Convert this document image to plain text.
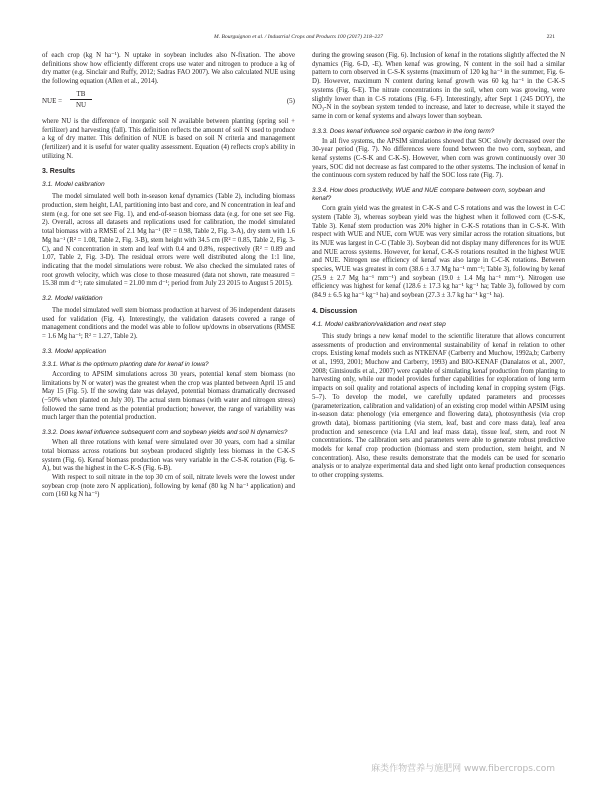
M. Bourguignon et al. / Industrial Crops and Products 100 (2017) 218–227	221

of each crop (kg N ha⁻¹). N uptake in soybean includes also N-fixation. The above definitions show how efficiently different crops use water and nitrogen to produce a kg of dry matter (e.g. Sinclair and Ruffy, 2012; Sadras FAO 2007). We also calculated NUE using the following equation (Allen et al., 2014).

NUE = $\frac{TB}{NU}$	(5)

where NU is the difference of inorganic soil N available between planting (spring soil + fertilizer) and harvesting (fall). This definition reflects the amount of soil N used to produce a kg of dry matter. This definition of NUE is based on soil N criteria and management (fertilizer) and it is useful for water quality assessment. Equation (4) reflects crop's ability in utilizing N.

3. Results
3.1. Model calibration

The model simulated well both in-season kenaf dynamics (Table 2), including biomass production, stem height, LAI, partitioning into bast and core, and N concentration in leaf and stem (e.g. for one set see Fig. 1), and end-of-season biomass data (e.g. for one set see Fig. 2). Overall, across all datasets and replications used for calibration, the model simulated total biomass with a RMSE of 2.1 Mg ha⁻¹ (R² = 0.98, Table 2, Fig. 3-A), dry stem with 1.6 Mg ha⁻¹ (R² = 1.08, Table 2, Fig. 3-B), stem height with 34.5 cm (R² = 0.85, Table 2, Fig. 3-C), and N concentration in stem and leaf with 0.4 and 0.8%, respectively (R² = 0.89 and 1.07, Table 2, Fig. 3-D). The residual errors were well distributed along the 1:1 line, indicating that the model simulations were robust. We also checked the simulated rates of root growth velocity, which was close to those measured (data not shown, rate measured = 15.38 mm d⁻¹; rate simulated = 21.00 mm d⁻¹; period from July 23 2015 to August 5 2015).

3.2. Model validation

The model simulated well stem biomass production at harvest of 36 independent datasets used for validation (Fig. 4). Interestingly, the validation datasets covered a range of management conditions and the model was able to follow up/downs in observations (RMSE = 1.6 Mg ha⁻¹; R² = 1.27, Table 2).

3.3. Model application
3.3.1. What is the optimum planting date for kenaf in Iowa?

According to APSIM simulations across 30 years, potential kenaf stem biomass (no limitations by N or water) was the greatest when the crop was planted between April 15 and May 15 (Fig. 5). If the sowing date was delayed, potential biomass dramatically decreased (−50% when planted on July 30). The actual stem biomass (with water and nitrogen stress) followed the same trend as the potential production; however, the range of variability was much larger than the potential production.

3.3.2. Does kenaf influence subsequent corn and soybean yields and soil N dynamics?

When all three rotations with kenaf were simulated over 30 years, corn had a similar total biomass across rotations but soybean produced slightly less biomass in the C-K-S system (Fig. 6). Kenaf biomass production was very variable in the C-S-K rotation (Fig. 6-A), but was the highest in the C-K-S (Fig. 6-B).

With respect to soil nitrate in the top 30 cm of soil, nitrate levels were the lowest under soybean crop (note zero N application), following by kenaf (80 kg N ha⁻¹ application) and corn (160 kg N ha⁻¹)

during the growing season (Fig. 6). Inclusion of kenaf in the rotations slightly affected the N dynamics (Fig. 6-D, -E). When kenaf was growing, N content in the soil had a similar pattern to corn observed in C-S-K systems (maximum of 120 kg ha⁻¹ in the summer, Fig. 6-D). However, maximum N content during kenaf growth was 60 kg ha⁻¹ in the C-K-S systems (Fig. 6-E). The nitrate concentrations in the soil, when corn was growing, were slightly lower than in C-S rotations (Fig. 6-F). Interestingly, after Sept 1 (245 DOY), the NO₃-N in the soybean system tended to increase, and later to decrease, while it stayed the same in corn or kenaf systems and always lower than soybean.

3.3.3. Does kenaf influence soil organic carbon in the long term?

In all five systems, the APSIM simulations showed that SOC slowly decreased over the 30-year period (Fig. 7). No differences were found between the two corn, soybean, and kenaf systems (C-S-K and C-K-S). However, when corn was grown continuously over 30 years, SOC did not decrease as fast compared to the other systems. The inclusion of kenaf in the continuous corn system reduced by half the SOC loss rate (Fig. 7).

3.3.4. How does productivity, WUE and NUE compare between corn, soybean and kenaf?

Corn grain yield was the greatest in C-K-S and C-S rotations and was the lowest in C-C system (Table 3), whereas soybean yield was the highest when it followed corn (C-S-K, Table 3). Kenaf stem production was 20% higher in C-K-S rotations than in C-S-K. With respect with WUE and NUE, corn WUE was very similar across the rotation situations, but its NUE was largest in C-C (Table 3). Soybean did not display many differences for its WUE and NUE across systems. However, for kenaf, C-K-S rotations resulted in the highest WUE and NUE. Nitrogen use efficiency of kenaf was also large in C-C-K rotations. Between species, WUE was greatest in corn (38.6 ± 3.7 Mg ha⁻¹ mm⁻¹; Table 3), following by kenaf (25.9 ± 2.7 Mg ha⁻¹ mm⁻¹) and soybean (19.0 ± 1.4 Mg ha⁻¹ mm⁻¹). Nitrogen use efficiency was highest for kenaf (128.6 ± 17.3 kg ha⁻¹ kg⁻¹ ha; Table 3), followed by corn (84.9 ± 6.5 kg ha⁻¹ kg⁻¹ ha) and soybean (27.3 ± 3.7 kg ha⁻¹ kg⁻¹ ha).

4. Discussion
4.1. Model calibration/validation and next step

This study brings a new kenaf model to the scientific literature that allows concurrent assessments of production and environmental sustainability of kenaf in relation to other crops. Existing kenaf models such as NTKENAF (Carberry and Muchow, 1992a,b; Carberry et al., 1993, 2001; Muchow and Carberry, 1993) and BIO-KENAF (Danalatos et al., 2007, 2008; Gintsioudis et al., 2007) were capable of simulating kenaf production from planting to harvesting only, while our model provides further capabilities for exploration of long term impacts on soil quality and rotational aspects of including kenaf in cropping system (Figs. 5–7). To develop the model, we carefully updated parameters and processes (parameterization, calibration and validation) of an existing crop model within APSIM using in-season data: phenology (via emergence and flowering data), photosynthesis (via crop growth data), biomass partitioning (via stem, leaf, bast and core mass data), leaf area production and senescence (via LAI and leaf mass data), tissue leaf, stem, and root N concentrations. The calibration sets and parameters were able to generate robust predictive models for kenaf crop production (biomass and stem production, stem height, and N concentration). Also, these results demonstrate that the models can be used for scenario analysis or to analyze experimental data and shed light onto kenaf production consequences to other cropping systems.

麻类作物营养与施肥网 www.fibercrops.com
